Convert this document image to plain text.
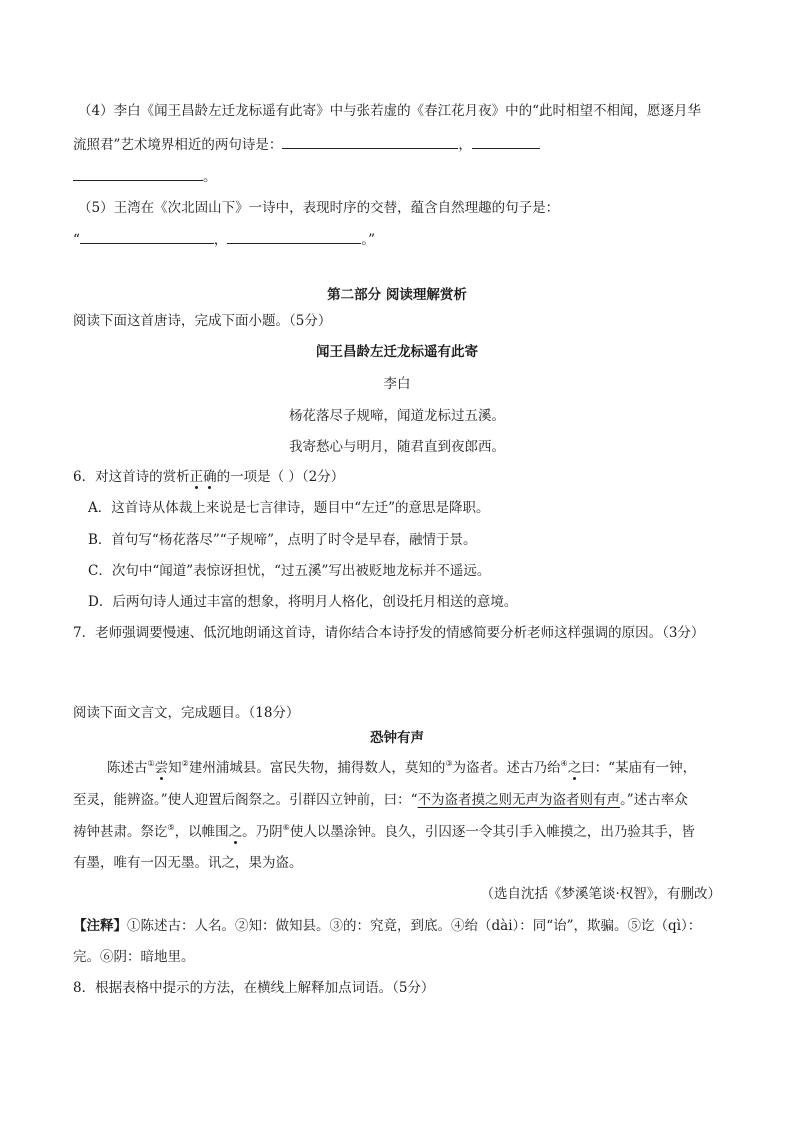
（4）李白《闻王昌龄左迁龙标遥有此寄》中与张若虚的《春江花月夜》中的“此时相望不相闻，愿逐月华
流照君”艺术境界相近的两句诗是：	，
。
（5）王湾在《次北固山下》一诗中，表现时序的交替，蕴含自然理趣的句子是：
“	，	。”
第二部分 阅读理解赏析
阅读下面这首唐诗，完成下面小题。（5分）
闻王昌龄左迁龙标遥有此寄
李白
杨花落尽子规啼，闻道龙标过五溪。
我寄愁心与明月，随君直到夜郎西。
6．对这首诗的赏析正确的一项是（ ）（2分）
A．这首诗从体裁上来说是七言律诗，题目中“左迁”的意思是降职。
B．首句写“杨花落尽”“子规啼”，点明了时令是早春，融情于景。
C．次句中“闻道”表惊讶担忧，“过五溪”写出被贬地龙标并不遥远。
D．后两句诗人通过丰富的想象，将明月人格化，创设托月相送的意境。
7．老师强调要慢速、低沉地朗诵这首诗，请你结合本诗抒发的情感简要分析老师这样强调的原因。（3分）
阅读下面文言文，完成题目。（18分）
恐钟有声
陈述古①尝知②建州浦城县。富民失物，捕得数人，莫知的③为盗者。述古乃绐④之曰：“某庙有一钟，
至灵，能辨盗。”使人迎置后阁祭之。引群囚立钟前，曰：“不为盗者摸之则无声为盗者则有声。”述古率众
祷钟甚肃。祭讫⑤，以帷围之。乃阴⑥使人以墨涂钟。良久，引囚逐一令其引手入帷摸之，出乃验其手，皆
有墨，唯有一囚无墨。讯之，果为盗。
（选自沈括《梦溪笔谈·权智》，有删改）
【注释】①陈述古：人名。②知：做知县。③的：究竟，到底。④绐（dài）：同“诒”，欺骗。⑤讫（qì）：
完。⑥阴：暗地里。
8．根据表格中提示的方法，在横线上解释加点词语。（5分）
